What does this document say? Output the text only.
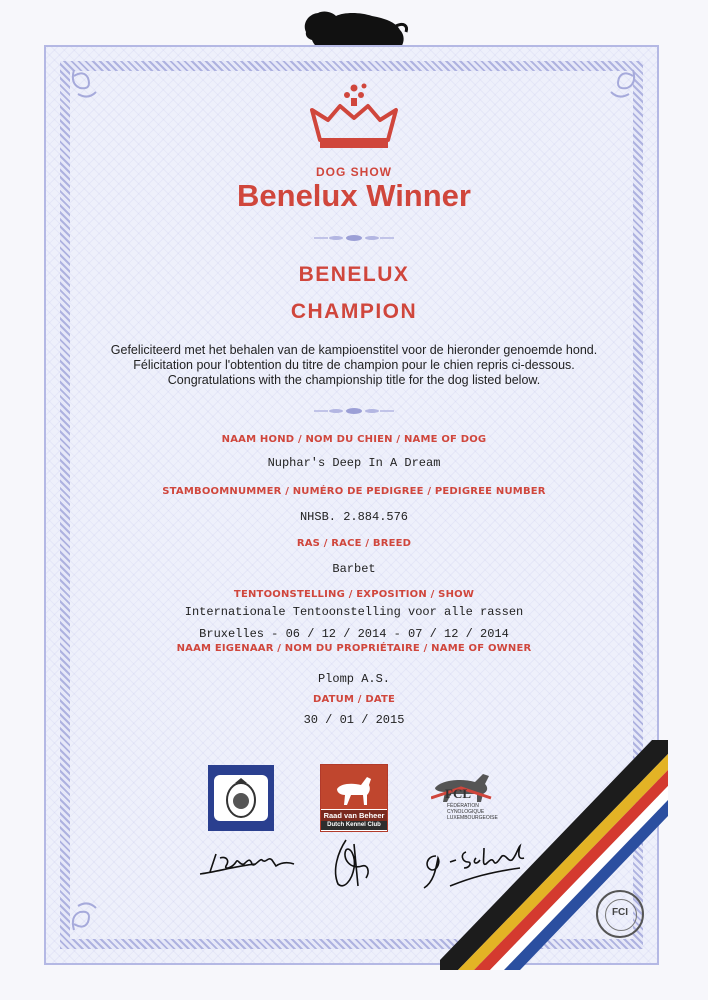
DOG SHOW
Benelux Winner
BENELUX
CHAMPION
Gefeliciteerd met het behalen van de kampioenstitel voor de hieronder genoemde hond.
Félicitation pour l'obtention du titre de champion pour le chien repris ci-dessous.
Congratulations with the championship title for the dog listed below.
NAAM HOND / NOM DU CHIEN / NAME OF DOG
Nuphar's Deep In A Dream
STAMBOOMNUMMER / NUMÉRO DE PEDIGREE / PEDIGREE NUMBER
NHSB. 2.884.576
RAS / RACE / BREED
Barbet
TENTOONSTELLING / EXPOSITION / SHOW
Internationale Tentoonstelling voor alle rassen
Bruxelles - 06 / 12 / 2014 - 07 / 12 / 2014
NAAM EIGENAAR / NOM DU PROPRIÉTAIRE / NAME OF OWNER
Plomp A.S.
DATUM / DATE
30 / 01 / 2015
Raad van Beheer
Dutch Kennel Club
FCL
FÉDÉRATION
CYNOLOGIQUE
LUXEMBOURGEOISE
FCI
